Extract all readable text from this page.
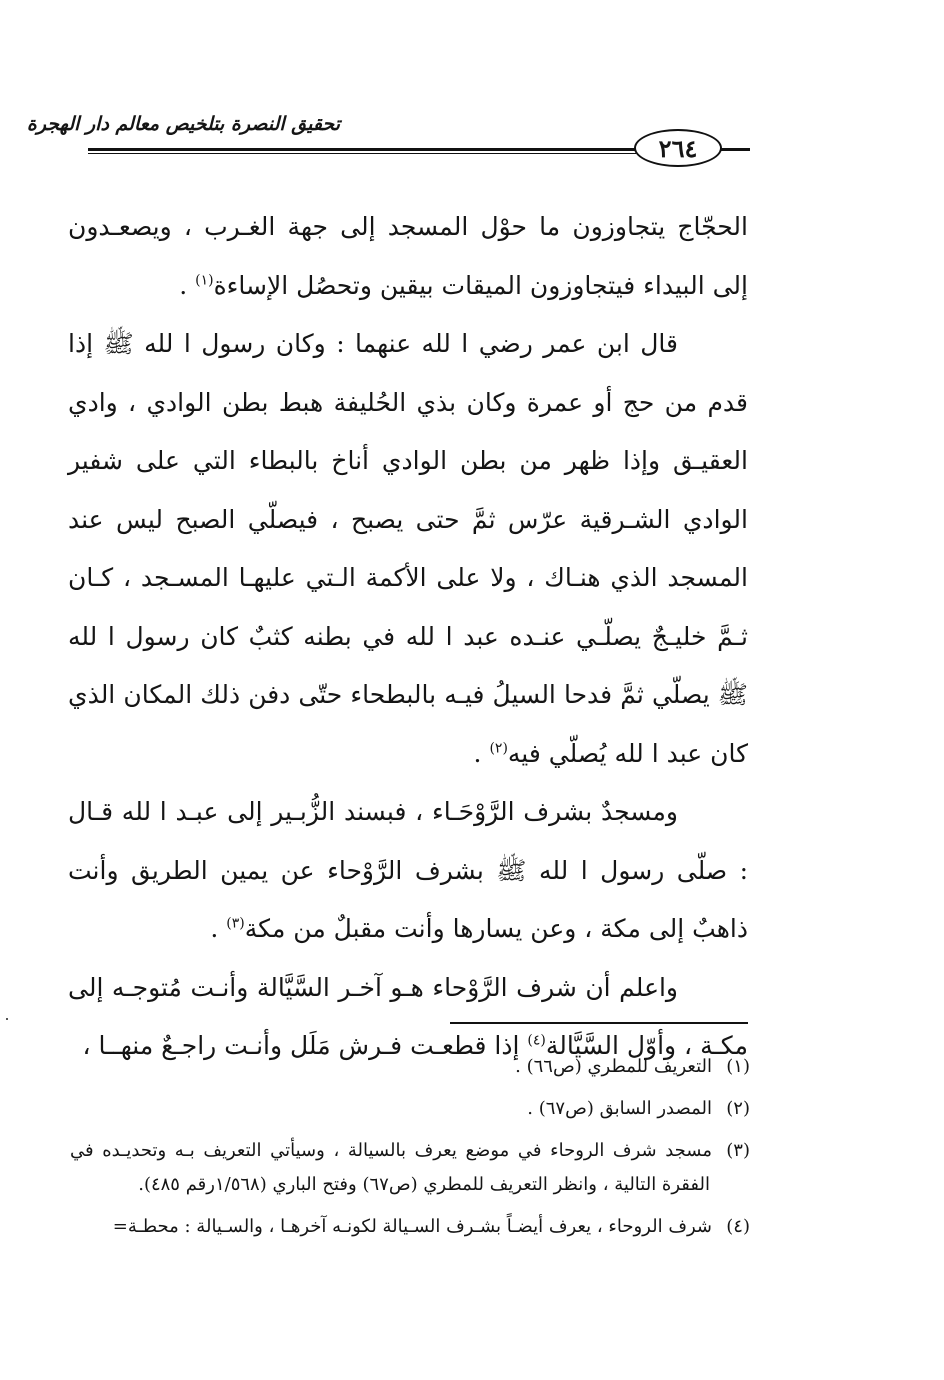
تحقيق النصرة بتلخيص معالم دار الهجرة
٢٦٤

الحجّاج يتجاوزون ما حوْل المسجد إلى جهة الغـرب ، ويصعـدون إلى البيداء فيتجاوزون الميقات بيقين وتحصُل الإساءة$^{(١)}$ .

قال ابن عمر رضي ا لله عنهما : وكان رسول ا لله ﷺ إذا قدم من حج أو عمرة وكان بذي الحُليفة هبط بطن الوادي ، وادي العقيـق وإذا ظهر من بطن الوادي أناخ بالبطاء التي على شفير الوادي الشـرقية عرّس ثمَّ حتى يصبح ، فيصلّي الصبح ليس عند المسجد الذي هنـاك ، ولا على الأكمة الـتي عليهـا المسـجد ، كـان ثـمَّ خليـجٌ يصلّـي عنـده عبد ا لله في بطنه كثبٌ كان رسول ا لله ﷺ يصلّي ثمَّ فدحا السيلُ فيـه بالبطحاء حتّى دفن ذلك المكان الذي كان عبد ا لله يُصلّي فيه$^{(٢)}$ .

ومسجدٌ بشرف الرَّوْحَـاء ، فبسند الزُّبـير إلى عبـد ا لله قـال : صلّى رسول ا لله ﷺ بشرف الرَّوْحاء عن يمين الطريق وأنت ذاهبٌ إلى مكة ، وعن يسارها وأنت مقبلٌ من مكة$^{(٣)}$ .

واعلم أن شرف الرَّوْحاء هـو آخـر السَّيَّالة وأنـت مُتوجـه إلى مكـة ، وأوّل السَّيَّالة$^{(٤)}$ إذا قطعـت فـرش مَلَل وأنـت راجـعٌ منهــا ،

(١)التعريف للمطري (ص٦٦) .

(٢)المصدر السابق (ص٦٧) .

(٣)مسجد شرف الروحاء في موضع يعرف بالسيالة ، وسيأتي التعريف بـه وتحديـده في الفقرة التالية ، وانظر التعريف للمطري (ص٦٧) وفتح الباري (١/٥٦٨رقم ٤٨٥).

(٤)شرف الروحاء ، يعرف أيضـاً بشـرف السـيالة لكونـه آخرهـا ، والسـيالة : محطـة=
